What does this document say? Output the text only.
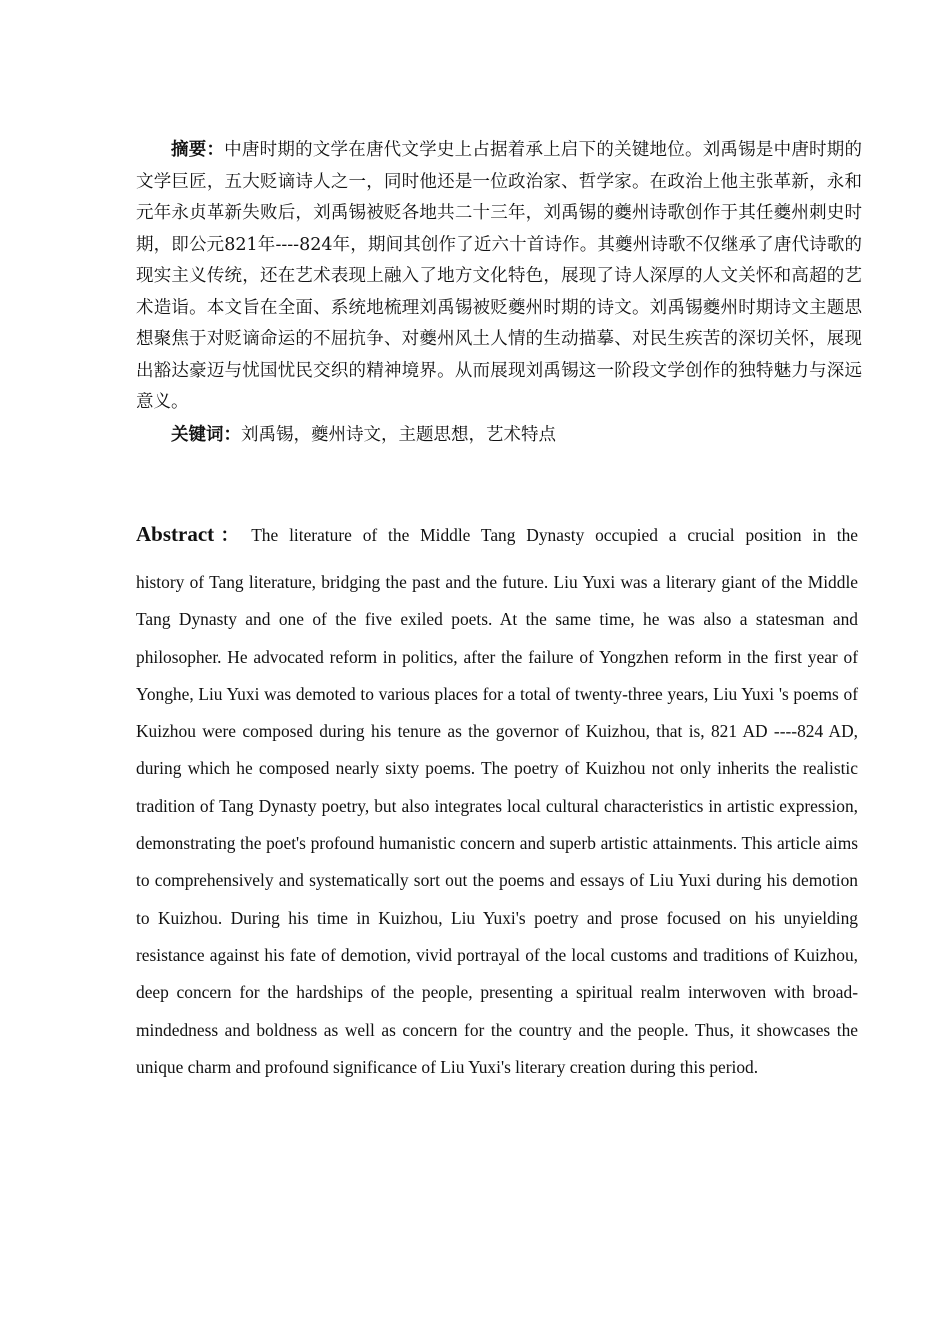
摘要：中唐时期的文学在唐代文学史上占据着承上启下的关键地位。刘禹锡是中唐时期的文学巨匠，五大贬谪诗人之一，同时他还是一位政治家、哲学家。在政治上他主张革新，永和元年永贞革新失败后，刘禹锡被贬各地共二十三年，刘禹锡的夔州诗歌创作于其任夔州刺史时期，即公元821年----824年，期间其创作了近六十首诗作。其夔州诗歌不仅继承了唐代诗歌的现实主义传统，还在艺术表现上融入了地方文化特色，展现了诗人深厚的人文关怀和高超的艺术造诣。本文旨在全面、系统地梳理刘禹锡被贬夔州时期的诗文。刘禹锡夔州时期诗文主题思想聚焦于对贬谪命运的不屈抗争、对夔州风土人情的生动描摹、对民生疾苦的深切关怀，展现出豁达豪迈与忧国忧民交织的精神境界。从而展现刘禹锡这一阶段文学创作的独特魅力与深远意义。

关键词：刘禹锡，夔州诗文，主题思想，艺术特点

Abstract： The literature of the Middle Tang Dynasty occupied a crucial position in the
history of Tang literature, bridging the past and the future. Liu Yuxi was a literary giant of the Middle Tang Dynasty and one of the five exiled poets. At the same time, he was also a statesman and philosopher. He advocated reform in politics, after the failure of Yongzhen reform in the first year of Yonghe, Liu Yuxi was demoted to various places for a total of twenty-three years, Liu Yuxi 's poems of Kuizhou were composed during his tenure as the governor of Kuizhou, that is, 821 AD ----824 AD, during which he composed nearly sixty poems. The poetry of Kuizhou not only inherits the realistic tradition of Tang Dynasty poetry, but also integrates local cultural characteristics in artistic expression, demonstrating the poet's profound humanistic concern and superb artistic attainments. This article aims to comprehensively and systematically sort out the poems and essays of Liu Yuxi during his demotion to Kuizhou. During his time in Kuizhou, Liu Yuxi's poetry and prose focused on his unyielding resistance against his fate of demotion, vivid portrayal of the local customs and traditions of Kuizhou, deep concern for the hardships of the people, presenting a spiritual realm interwoven with broad-mindedness and boldness as well as concern for the country and the people. Thus, it showcases the unique charm and profound significance of Liu Yuxi's literary creation during this period.
